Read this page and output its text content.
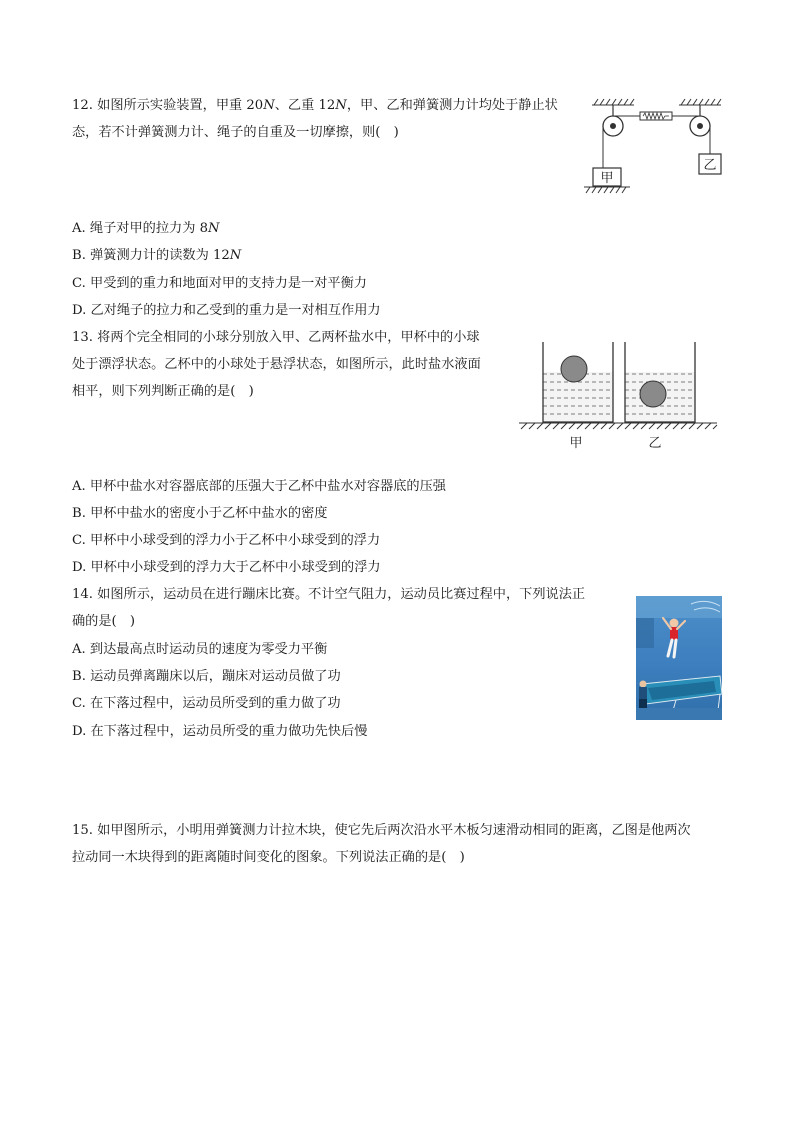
12. 如图所示实验装置，甲重 20N、乙重 12N，甲、乙和弹簧测力计均处于静止状
态，若不计弹簧测力计、绳子的自重及一切摩擦，则(　)
甲
乙
A. 绳子对甲的拉力为 8N
B. 弹簧测力计的读数为 12N
C. 甲受到的重力和地面对甲的支持力是一对平衡力
D. 乙对绳子的拉力和乙受到的重力是一对相互作用力
13. 将两个完全相同的小球分别放入甲、乙两杯盐水中，甲杯中的小球
处于漂浮状态。乙杯中的小球处于悬浮状态，如图所示，此时盐水液面
相平，则下列判断正确的是(　)
甲	乙
A. 甲杯中盐水对容器底部的压强大于乙杯中盐水对容器底的压强
B. 甲杯中盐水的密度小于乙杯中盐水的密度
C. 甲杯中小球受到的浮力小于乙杯中小球受到的浮力
D. 甲杯中小球受到的浮力大于乙杯中小球受到的浮力
14. 如图所示，运动员在进行蹦床比赛。不计空气阻力，运动员比赛过程中，下列说法正
确的是(　)
A. 到达最高点时运动员的速度为零受力平衡
B. 运动员弹离蹦床以后，蹦床对运动员做了功
C. 在下落过程中，运动员所受到的重力做了功
D. 在下落过程中，运动员所受的重力做功先快后慢
15. 如甲图所示，小明用弹簧测力计拉木块，使它先后两次沿水平木板匀速滑动相同的距离，乙图是他两次
拉动同一木块得到的距离随时间变化的图象。下列说法正确的是(　)
